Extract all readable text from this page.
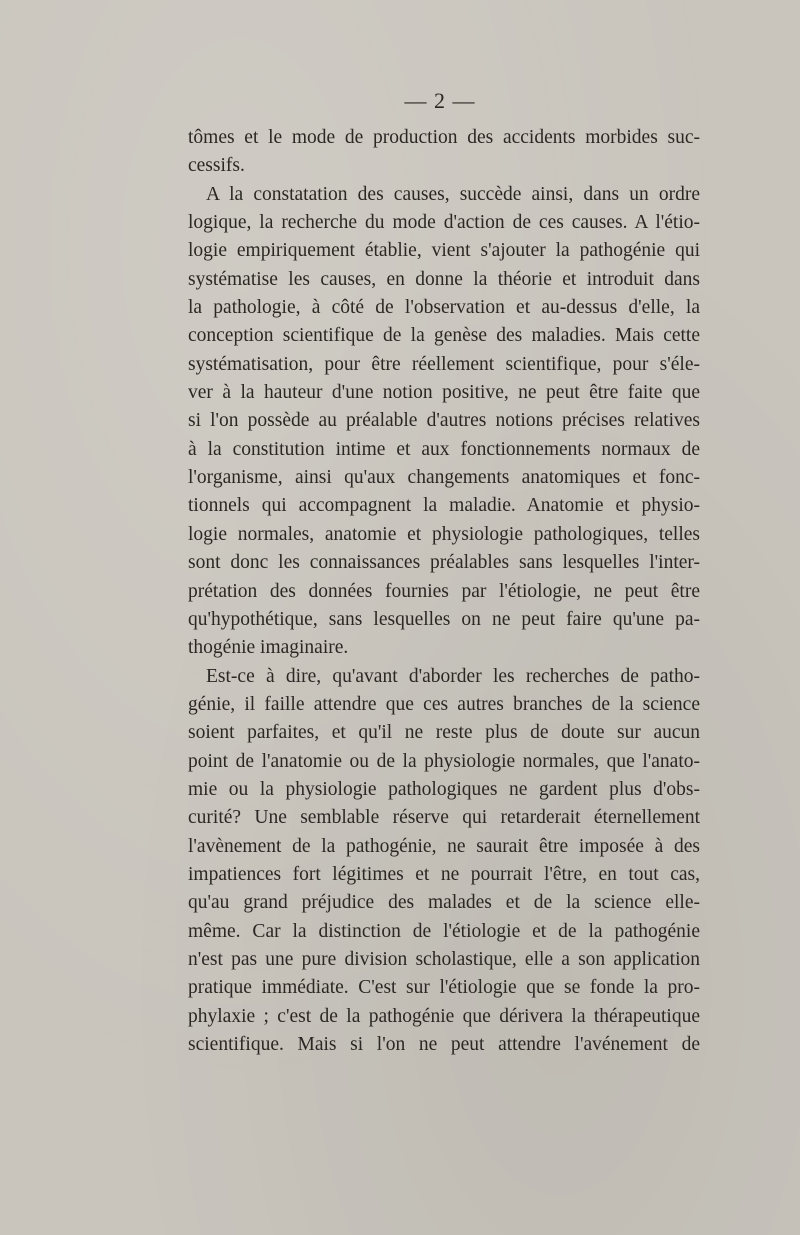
— 2 —
tômes et le mode de production des accidents morbides suc-
cessifs.
A la constatation des causes, succède ainsi, dans un ordre
logique, la recherche du mode d'action de ces causes. A l'étio-
logie empiriquement établie, vient s'ajouter la pathogénie qui
systématise les causes, en donne la théorie et introduit dans
la pathologie, à côté de l'observation et au-dessus d'elle, la
conception scientifique de la genèse des maladies. Mais cette
systématisation, pour être réellement scientifique, pour s'éle-
ver à la hauteur d'une notion positive, ne peut être faite que
si l'on possède au préalable d'autres notions précises relatives
à la constitution intime et aux fonctionnements normaux de
l'organisme, ainsi qu'aux changements anatomiques et fonc-
tionnels qui accompagnent la maladie. Anatomie et physio-
logie normales, anatomie et physiologie pathologiques, telles
sont donc les connaissances préalables sans lesquelles l'inter-
prétation des données fournies par l'étiologie, ne peut être
qu'hypothétique, sans lesquelles on ne peut faire qu'une pa-
thogénie imaginaire.
Est-ce à dire, qu'avant d'aborder les recherches de patho-
génie, il faille attendre que ces autres branches de la science
soient parfaites, et qu'il ne reste plus de doute sur aucun
point de l'anatomie ou de la physiologie normales, que l'anato-
mie ou la physiologie pathologiques ne gardent plus d'obs-
curité? Une semblable réserve qui retarderait éternellement
l'avènement de la pathogénie, ne saurait être imposée à des
impatiences fort légitimes et ne pourrait l'être, en tout cas,
qu'au grand préjudice des malades et de la science elle-
même. Car la distinction de l'étiologie et de la pathogénie
n'est pas une pure division scholastique, elle a son application
pratique immédiate. C'est sur l'étiologie que se fonde la pro-
phylaxie ; c'est de la pathogénie que dérivera la thérapeutique
scientifique. Mais si l'on ne peut attendre l'avénement de
